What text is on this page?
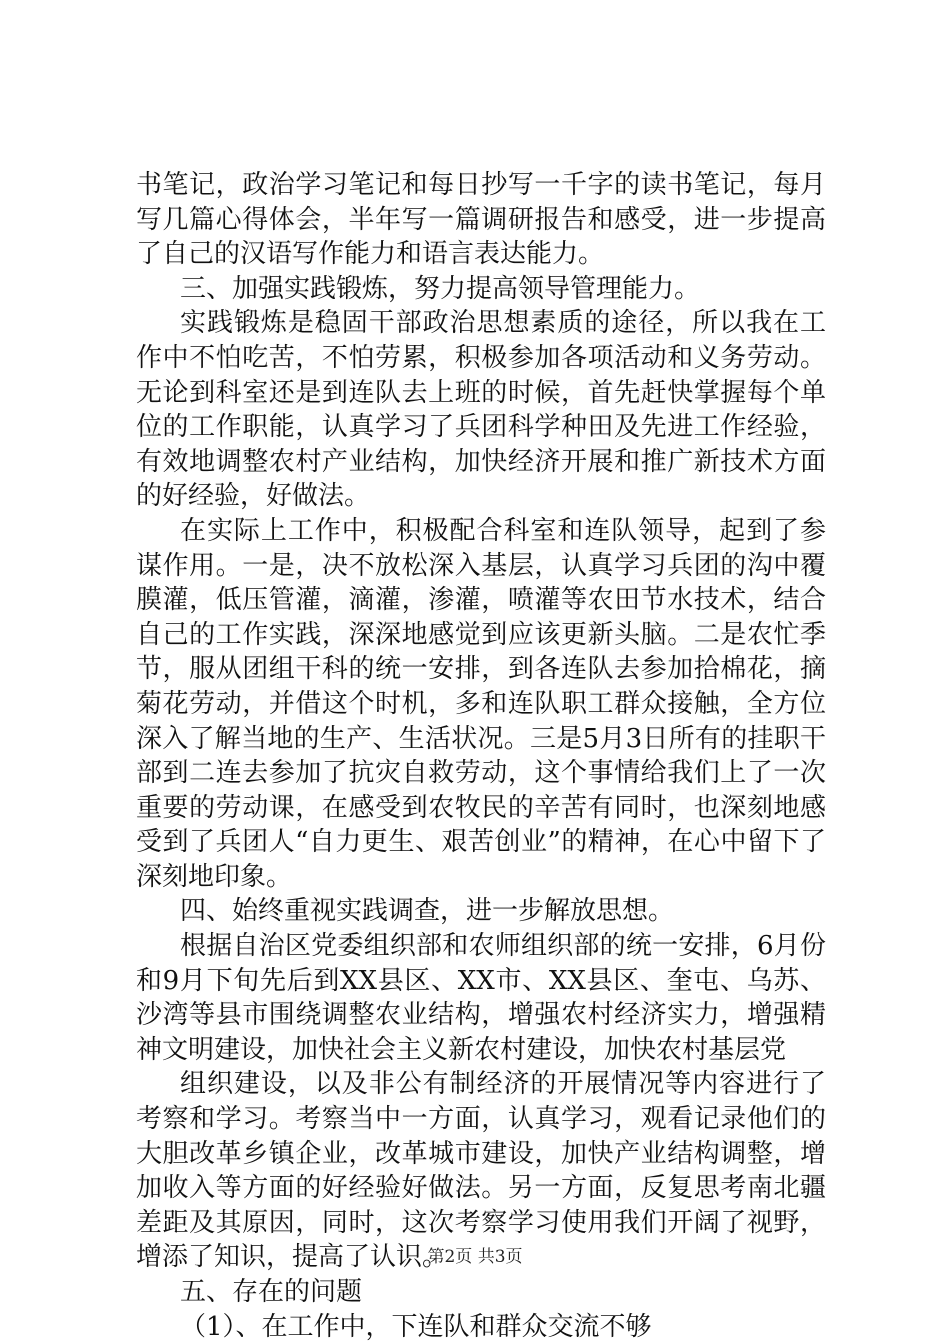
书笔记，政治学习笔记和每日抄写一千字的读书笔记，每月写几篇心得体会，半年写一篇调研报告和感受，进一步提高了自己的汉语写作能力和语言表达能力。

三、加强实践锻炼，努力提高领导管理能力。

实践锻炼是稳固干部政治思想素质的途径，所以我在工作中不怕吃苦，不怕劳累，积极参加各项活动和义务劳动。无论到科室还是到连队去上班的时候，首先赶快掌握每个单位的工作职能，认真学习了兵团科学种田及先进工作经验，有效地调整农村产业结构，加快经济开展和推广新技术方面的好经验，好做法。

在实际上工作中，积极配合科室和连队领导，起到了参谋作用。一是，决不放松深入基层，认真学习兵团的沟中覆膜灌，低压管灌，滴灌，渗灌，喷灌等农田节水技术，结合自己的工作实践，深深地感觉到应该更新头脑。二是农忙季节，服从团组干科的统一安排，到各连队去参加拾棉花，摘菊花劳动，并借这个时机，多和连队职工群众接触，全方位深入了解当地的生产、生活状况。三是5月3日所有的挂职干部到二连去参加了抗灾自救劳动，这个事情给我们上了一次重要的劳动课，在感受到农牧民的辛苦有同时，也深刻地感受到了兵团人“自力更生、艰苦创业”的精神，在心中留下了深刻地印象。

四、始终重视实践调查，进一步解放思想。

根据自治区党委组织部和农师组织部的统一安排，6月份和9月下旬先后到XX县区、XX市、XX县区、奎屯、乌苏、沙湾等县市围绕调整农业结构，增强农村经济实力，增强精神文明建设，加快社会主义新农村建设，加快农村基层党

组织建设，以及非公有制经济的开展情况等内容进行了考察和学习。考察当中一方面，认真学习，观看记录他们的大胆改革乡镇企业，改革城市建设，加快产业结构调整，增加收入等方面的好经验好做法。另一方面，反复思考南北疆差距及其原因，同时，这次考察学习使用我们开阔了视野，增添了知识，提高了认识。

五、存在的问题

（1）、在工作中，下连队和群众交流不够

第2页 共3页
